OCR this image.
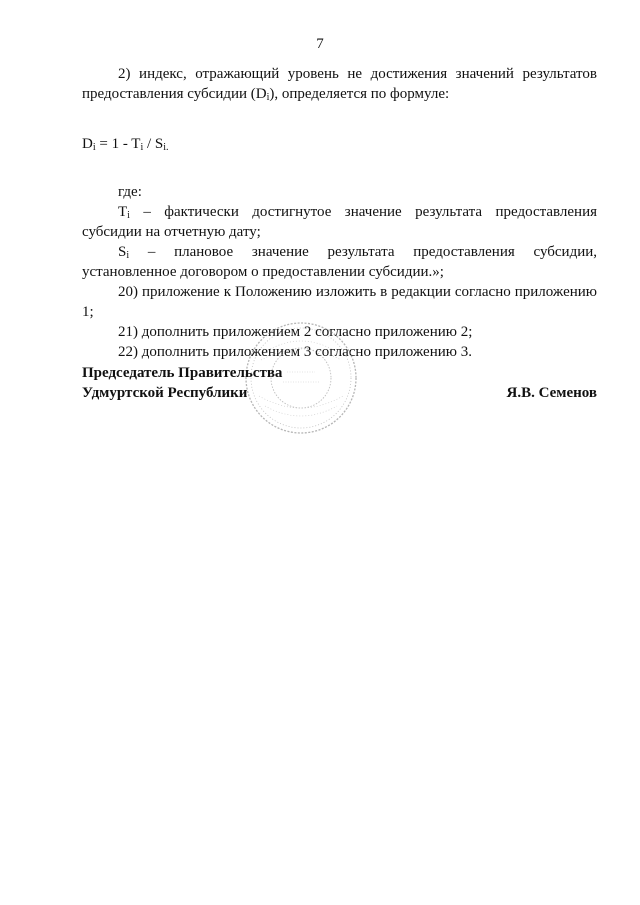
7

2) индекс, отражающий уровень не достижения значений результатов предоставления субсидии $(D_i)$, определяется по формуле:

$D_i = 1 - T_i / S_{i.}$

где:

$T_i$ – фактически достигнутое значение результата предоставления субсидии на отчетную дату;

$S_i$ – плановое значение результата предоставления субсидии, установленное договором о предоставлении субсидии.»;

20) приложение к Положению изложить в редакции согласно приложению 1;

21) дополнить приложением 2 согласно приложению 2;

22) дополнить приложением 3 согласно приложению 3.

Председатель Правительства
Удмуртской Республики	Я.В. Семенов
